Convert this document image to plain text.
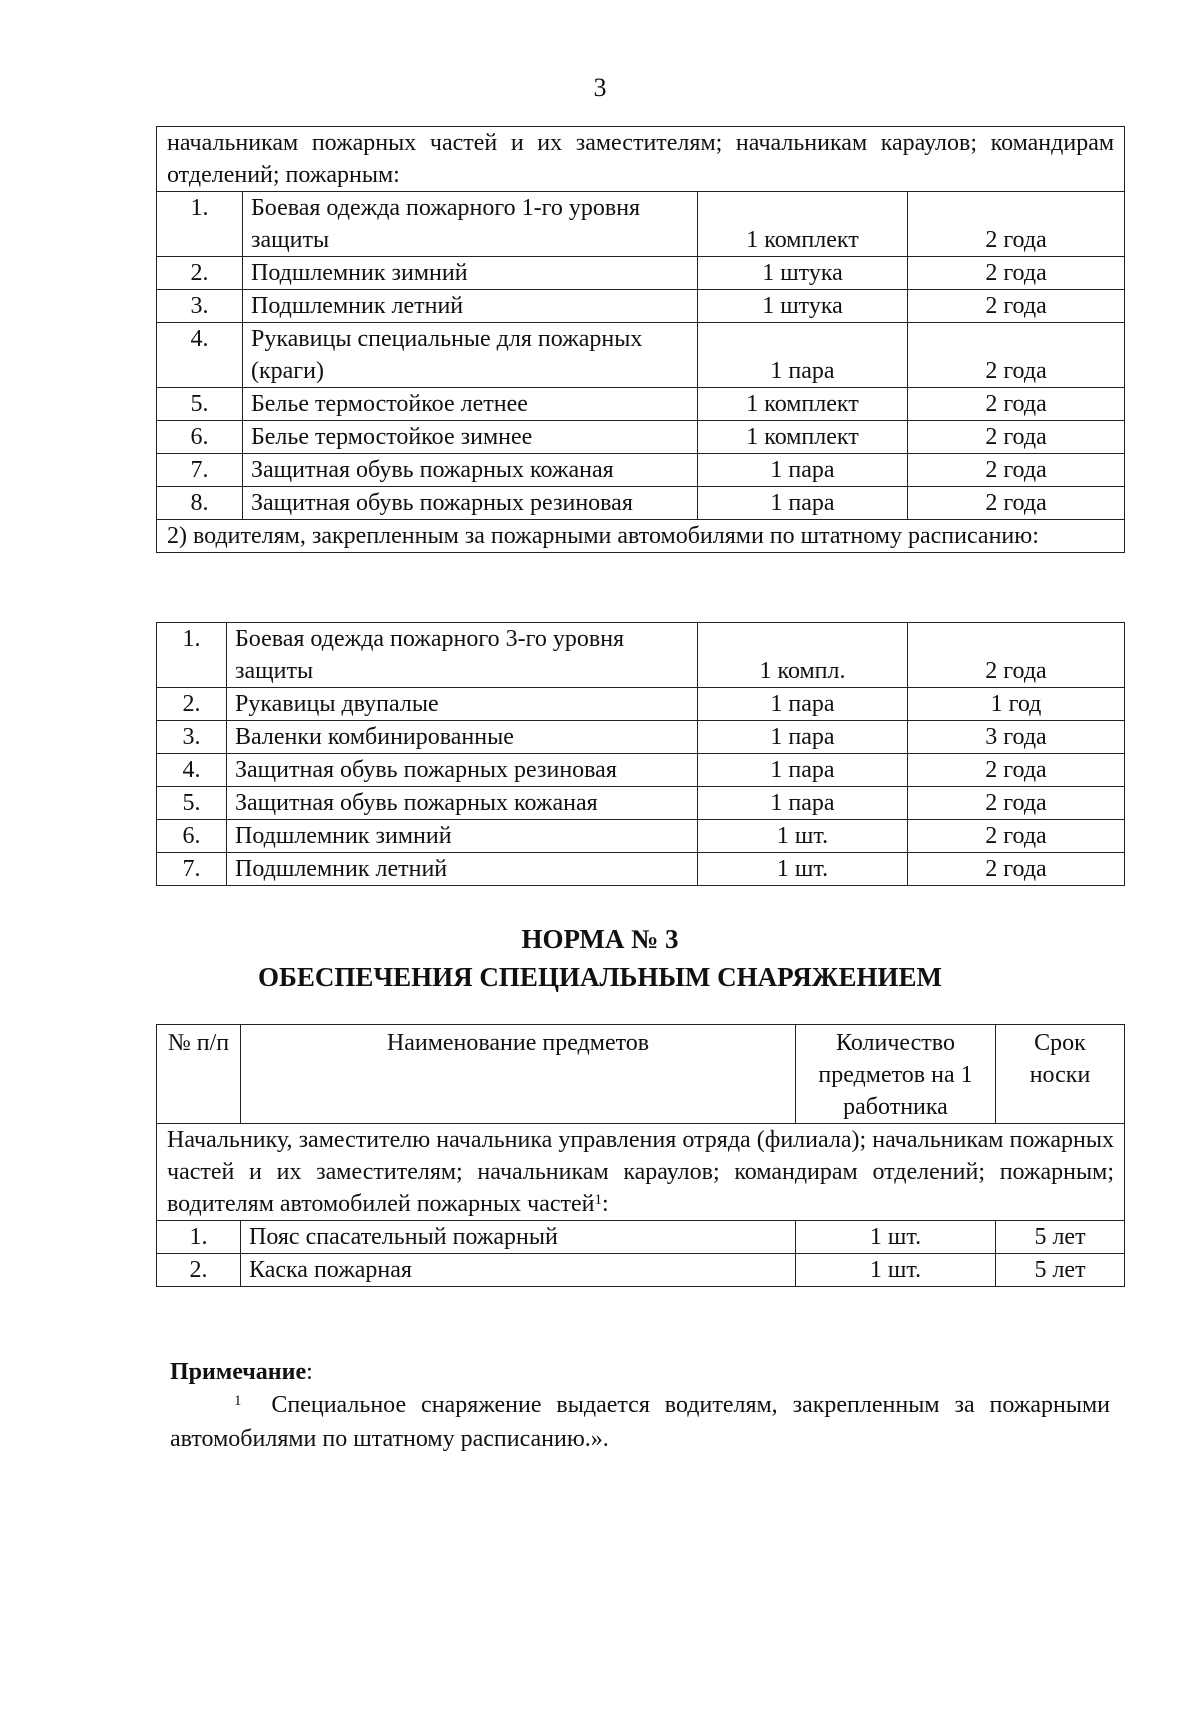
3
начальникам пожарных частей и их заместителям; начальникам караулов; командирам отделений; пожарным:			
1.	Боевая одежда пожарного 1-го уровня защиты	1 комплект	2 года
2.	Подшлемник зимний	1 штука	2 года
3.	Подшлемник летний	1 штука	2 года
4.	Рукавицы специальные для пожарных (краги)	1 пара	2 года
5.	Белье термостойкое летнее	1 комплект	2 года
6.	Белье термостойкое зимнее	1 комплект	2 года
7.	Защитная обувь пожарных кожаная	1 пара	2 года
8.	Защитная обувь пожарных резиновая	1 пара	2 года
2) водителям, закрепленным за пожарными автомобилями по штатному расписанию:			
1.	Боевая одежда пожарного 3-го уровня защиты	1 компл.	2 года
2.	Рукавицы двупалые	1 пара	1 год
3.	Валенки комбинированные	1 пара	3 года
4.	Защитная обувь пожарных резиновая	1 пара	2 года
5.	Защитная обувь пожарных кожаная	1 пара	2 года
6.	Подшлемник зимний	1 шт.	2 года
7.	Подшлемник летний	1 шт.	2 года
НОРМА № 3
ОБЕСПЕЧЕНИЯ СПЕЦИАЛЬНЫМ СНАРЯЖЕНИЕМ
№ п/п	Наименование предметов	Количество предметов на 1 работника	Срок носки
Начальнику, заместителю начальника управления отряда (филиала); начальникам пожарных частей и их заместителям; начальникам караулов; командирам отделений; пожарным; водителям автомобилей пожарных частей$^1$:			
1.	Пояс спасательный пожарный	1 шт.	5 лет
2.	Каска пожарная	1 шт.	5 лет
Примечание:
$^1$ Специальное снаряжение выдается водителям, закрепленным за пожарными автомобилями по штатному расписанию.».
